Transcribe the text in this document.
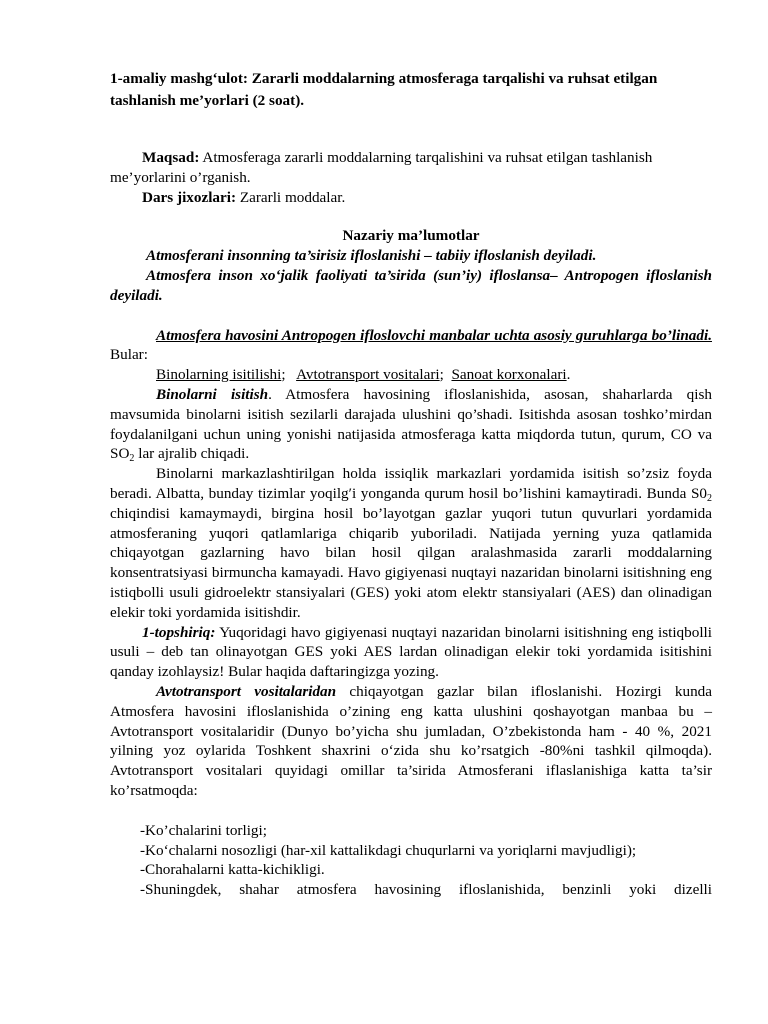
1-amaliy mashg‘ulot: Zararli moddalarning atmosferaga tarqalishi va ruhsat etilgan tashlanish me’yorlari (2 soat).

Maqsad: Atmosferaga zararli moddalarning tarqalishini va ruhsat etilgan tashlanish me’yorlarini o’rganish.

Dars jixozlari: Zararli moddalar.

Nazariy ma’lumotlar

Atmosferani insonning ta’sirisiz ifloslanishi – tabiiy ifloslanish deyiladi.

Atmosfera inson xo‘jalik faoliyati ta’sirida (sun’iy) ifloslansa– Antropogen ifloslanish deyiladi.

Atmosfera havosini Antropogen ifloslovchi manbalar uchta asosiy guruhlarga bo’linadi. Bular:

Binolarning isitilishi;   Avtotransport vositalari;  Sanoat korxonalari.

Binolarni isitish. Atmosfera havosining ifloslanishida, asosan, shaharlarda qish mavsumida binolarni isitish sezilarli darajada ulushini qo’shadi. Isitishda asosan toshko’mirdan foydalanilgani uchun uning yonishi natijasida atmosferaga katta miqdorda tutun, qurum, CO va $SO_2$ lar ajralib chiqadi.

Binolarni markazlashtirilgan holda issiqlik markazlari yordamida isitish so’zsiz foyda beradi. Albatta, bunday tizimlar yoqilg′i yonganda qurum hosil bo’lishini kamaytiradi. Bunda $S0_2$ chiqindisi kamaymaydi, birgina hosil bo’layotgan gazlar yuqori tutun quvurlari yordamida atmosferaning yuqori qatlamlariga chiqarib yuboriladi. Natijada yerning yuza qatlamida chiqayotgan gazlarning havo bilan hosil qilgan aralashmasida zararli moddalarning konsentratsiyasi birmuncha kamayadi. Havo gigiyenasi nuqtayi nazaridan binolarni isitishning eng istiqbolli usuli gidroelektr stansiyalari (GES) yoki atom elektr stansiyalari (AES) dan olinadigan elekir toki yordamida isitishdir.

1-topshiriq: Yuqoridagi havo gigiyenasi nuqtayi nazaridan binolarni isitishning eng istiqbolli usuli – deb tan olinayotgan GES yoki AES lardan olinadigan elekir toki yordamida isitishini qanday izohlaysiz! Bular haqida daftaringizga yozing.

Avtotransport vositalaridan chiqayotgan gazlar bilan ifloslanishi. Hozirgi kunda Atmosfera havosini ifloslanishida o’zining eng katta ulushini qoshayotgan manbaa bu – Avtotransport vositalaridir (Dunyo bo’yicha shu jumladan, O’zbekistonda ham - 40 %, 2021 yilning yoz oylarida Toshkent shaxrini o‘zida shu ko’rsatgich -80%ni tashkil qilmoqda). Avtotransport vositalari quyidagi omillar ta’sirida Atmosferani iflaslanishiga katta ta’sir ko’rsatmoqda:

-Ko’chalarini torligi;

-Ko‘chalarni nosozligi (har-xil kattalikdagi chuqurlarni va yoriqlarni mavjudligi);

-Chorahalarni katta-kichikligi.

-Shuningdek, shahar atmosfera havosining ifloslanishida, benzinli yoki dizelli
